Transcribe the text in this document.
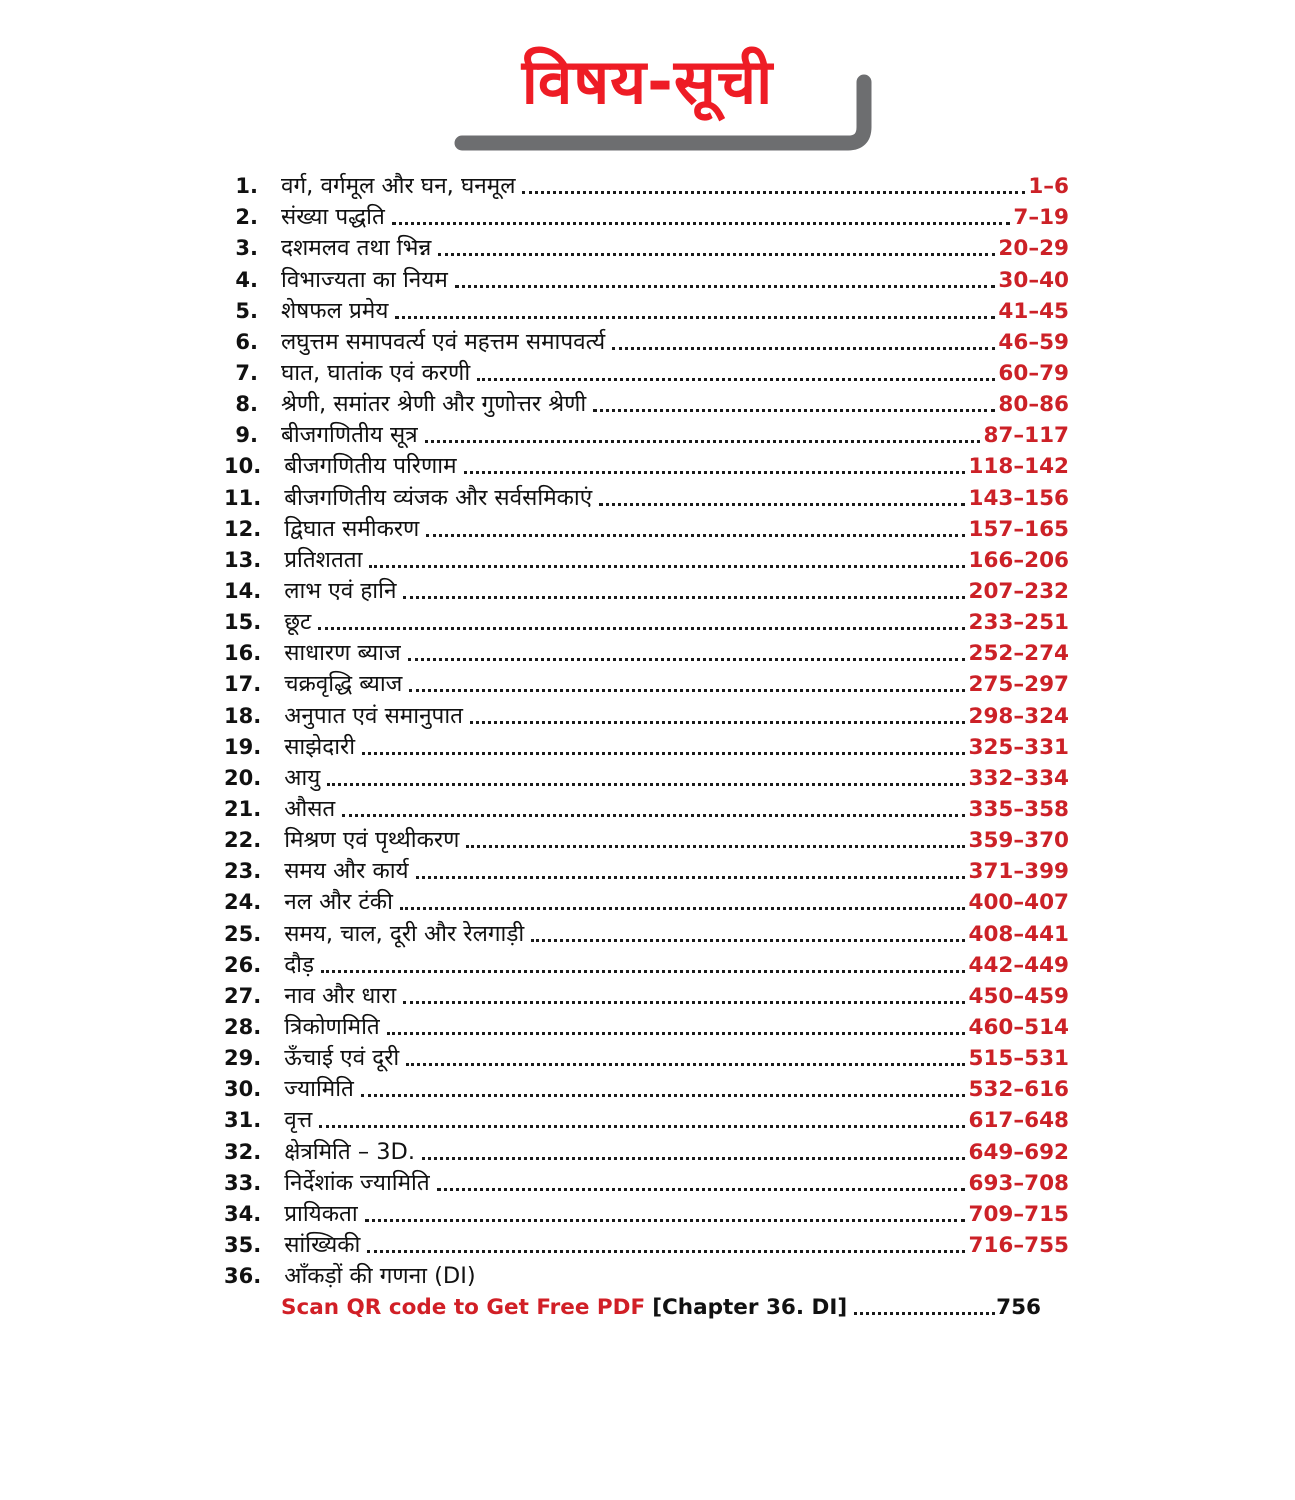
विषय-सूची
1.	वर्ग, वर्गमूल और घन, घनमूल	1–6
2.	संख्या पद्धति	7–19
3.	दशमलव तथा भिन्न	20–29
4.	विभाज्यता का नियम	30–40
5.	शेषफल प्रमेय	41–45
6.	लघुत्तम समापवर्त्य एवं महत्तम समापवर्त्य	46–59
7.	घात, घातांक एवं करणी	60–79
8.	श्रेणी, समांतर श्रेणी और गुणोत्तर श्रेणी	80–86
9.	बीजगणितीय सूत्र	87–117
10.	बीजगणितीय परिणाम	118–142
11.	बीजगणितीय व्यंजक और सर्वसमिकाएं	143–156
12.	द्विघात समीकरण	157–165
13.	प्रतिशतता	166–206
14.	लाभ एवं हानि	207–232
15.	छूट	233–251
16.	साधारण ब्याज	252–274
17.	चक्रवृद्धि ब्याज	275–297
18.	अनुपात एवं समानुपात	298–324
19.	साझेदारी	325–331
20.	आयु	332–334
21.	औसत	335–358
22.	मिश्रण एवं पृथ्थीकरण	359–370
23.	समय और कार्य	371–399
24.	नल और टंकी	400–407
25.	समय, चाल, दूरी और रेलगाड़ी	408–441
26.	दौड़	442–449
27.	नाव और धारा	450–459
28.	त्रिकोणमिति	460–514
29.	ऊँचाई एवं दूरी	515–531
30.	ज्यामिति	532–616
31.	वृत्त	617–648
32.	क्षेत्रमिति – 3D.	649–692
33.	निर्देशांक ज्यामिति	693–708
34.	प्रायिकता	709–715
35.	सांख्यिकी	716–755
36.	आँकड़ों की गणना (DI)
Scan QR code to Get Free PDF [Chapter 36. DI]	756
